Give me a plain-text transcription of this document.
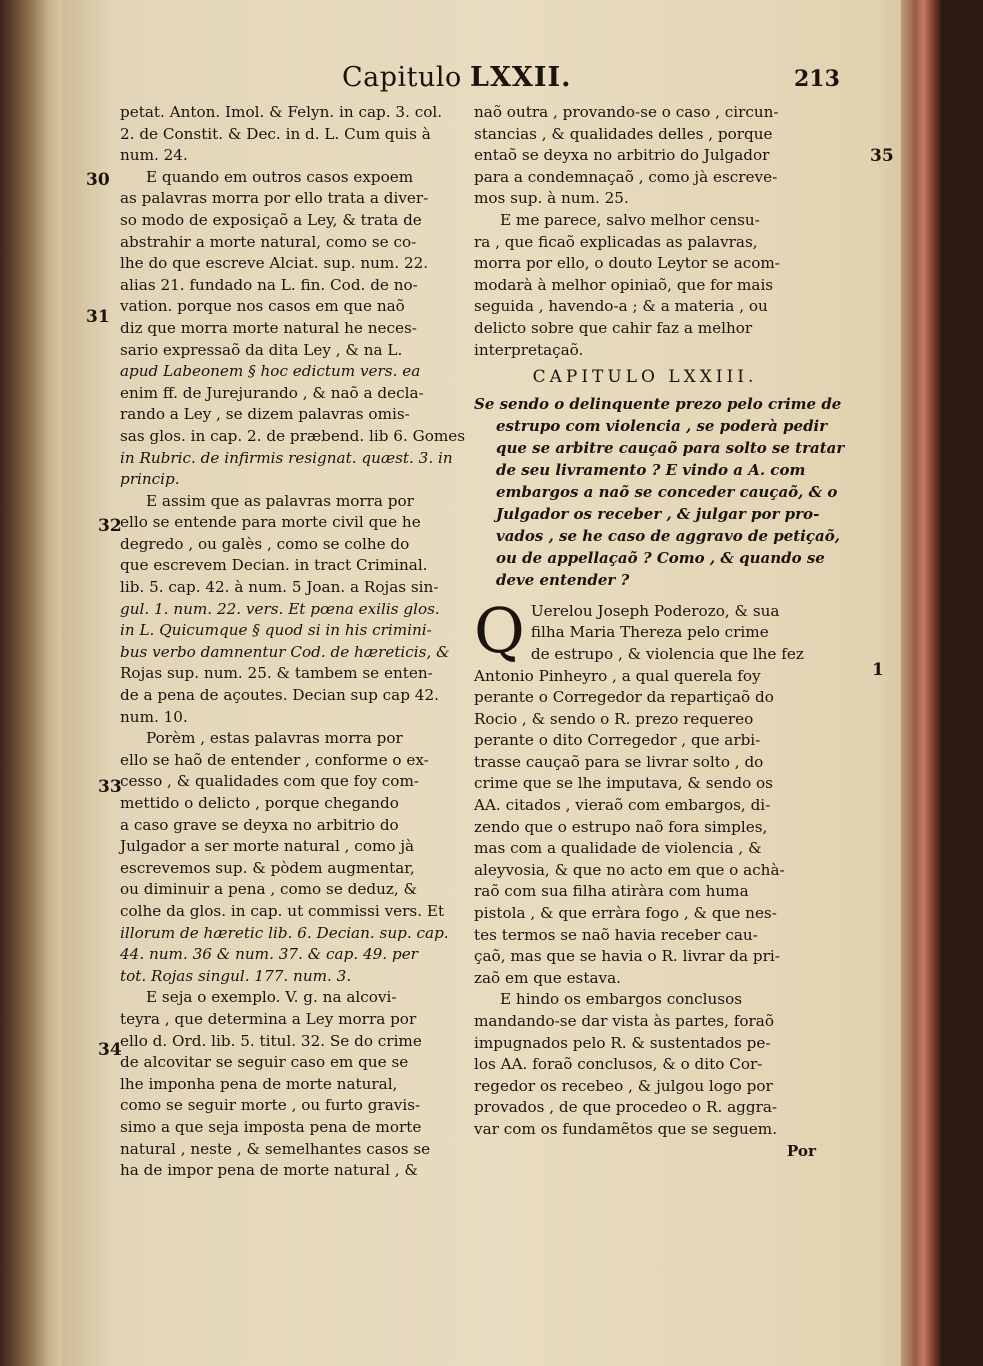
Capitulo LXXII.	213
30
31
32
33
34
petat. Anton. Imol. & Felyn. in cap. 3. col.
2. de Constit. & Dec. in d. L. Cum quis à
num. 24.
E quando em outros casos expoem
as palavras morra por ello trata a diver-
so modo de exposiçaõ a Ley, & trata de
abstrahir a morte natural, como se co-
lhe do que escreve Alciat. sup. num. 22.
alias 21. fundado na L. fin. Cod. de no-
vation. porque nos casos em que naõ
diz que morra morte natural he neces-
sario expressaõ da dita Ley , & na L.
apud Labeonem § hoc edictum vers. ea
enim ff. de Jurejurando , & naõ a decla-
rando a Ley , se dizem palavras omis-
sas glos. in cap. 2. de præbend. lib 6. Gomes
in Rubric. de infirmis resignat. quæst. 3. in
princip.
E assim que as palavras morra por
ello se entende para morte civil que he
degredo , ou galès , como se colhe do
que escrevem Decian. in tract Criminal.
lib. 5. cap. 42. à num. 5 Joan. a Rojas sin-
gul. 1. num. 22. vers. Et pœna exilis glos.
in L. Quicumque § quod si in his crimini-
bus verbo damnentur Cod. de hæreticis, &
Rojas sup. num. 25. & tambem se enten-
de a pena de açoutes. Decian sup cap 42.
num. 10.
Porèm , estas palavras morra por
ello se haõ de entender , conforme o ex-
cesso , & qualidades com que foy com-
mettido o delicto , porque chegando
a caso grave se deyxa no arbitrio do
Julgador a ser morte natural , como jà
escrevemos sup. & pòdem augmentar,
ou diminuir a pena , como se deduz, &
colhe da glos. in cap. ut commissi vers. Et
illorum de hæretic lib. 6. Decian. sup. cap.
44. num. 36 & num. 37. & cap. 49. per
tot. Rojas singul. 177. num. 3.
E seja o exemplo. V. g. na alcovi-
teyra , que determina a Ley morra por
ello d. Ord. lib. 5. titul. 32. Se do crime
de alcovitar se seguir caso em que se
lhe imponha pena de morte natural,
como se seguir morte , ou furto gravis-
simo a que seja imposta pena de morte
natural , neste , & semelhantes casos se
ha de impor pena de morte natural , &
35
1
naõ outra , provando-se o caso , circun-
stancias , & qualidades delles , porque
entaõ se deyxa no arbitrio do Julgador
para a condemnaçaõ , como jà escreve-
mos sup. à num. 25.
E me parece, salvo melhor censu-
ra , que ficaõ explicadas as palavras,
morra por ello, o douto Leytor se acom-
modarà à melhor opiniaõ, que for mais
seguida , havendo-a ; & a materia , ou
delicto sobre que cahir faz a melhor
interpretaçaõ.
CAPITULO LXXIII.
Se sendo o delinquente prezo pelo crime de
estrupo com violencia , se poderà pedir
que se arbitre cauçaõ para solto se tratar
de seu livramento ? E vindo a A. com
embargos a naõ se conceder cauçaõ, & o
Julgador os receber , & julgar por pro-
vados , se he caso de aggravo de petiçaõ,
ou de appellaçaõ ? Como , & quando se
deve entender ?
Q Uerelou Joseph Poderozo, & sua
filha Maria Thereza pelo crime
de estrupo , & violencia que lhe fez
Antonio Pinheyro , a qual querela foy
perante o Corregedor da repartiçaõ do
Rocio , & sendo o R. prezo requereo
perante o dito Corregedor , que arbi-
trasse cauçaõ para se livrar solto , do
crime que se lhe imputava, & sendo os
AA. citados , vieraõ com embargos, di-
zendo que o estrupo naõ fora simples,
mas com a qualidade de violencia , &
aleyvosia, & que no acto em que o achà-
raõ com sua filha atiràra com huma
pistola , & que erràra fogo , & que nes-
tes termos se naõ havia receber cau-
çaõ, mas que se havia o R. livrar da pri-
zaõ em que estava.
E hindo os embargos conclusos
mandando-se dar vista às partes, foraõ
impugnados pelo R. & sustentados pe-
los AA. foraõ conclusos, & o dito Cor-
regedor os recebeo , & julgou logo por
provados , de que procedeo o R. aggra-
var com os fundamẽtos que se seguem.
Por
